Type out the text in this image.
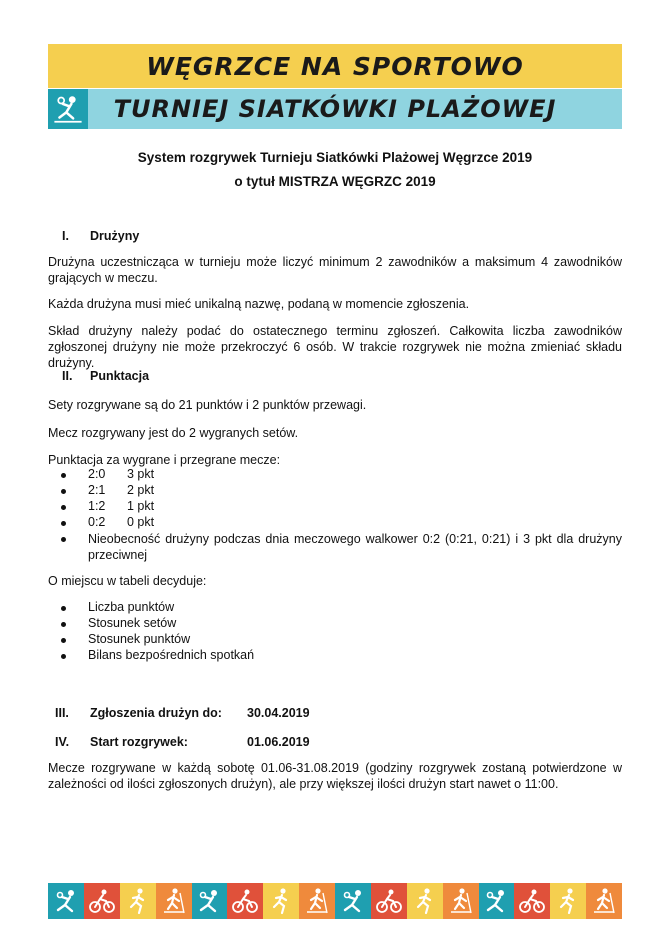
WĘGRZCE NA SPORTOWO
TURNIEJ SIATKÓWKI PLAŻOWEJ
System rozgrywek Turnieju Siatkówki Plażowej Węgrzce 2019
o tytuł MISTRZA WĘGRZC 2019
I. Drużyny
Drużyna uczestnicząca w turnieju może liczyć minimum 2 zawodników a maksimum 4 zawodników grających w meczu.
Każda drużyna musi mieć unikalną nazwę, podaną w momencie zgłoszenia.
Skład drużyny należy podać do ostatecznego terminu zgłoszeń. Całkowita liczba zawodników zgłoszonej drużyny nie może przekroczyć 6 osób. W trakcie rozgrywek nie można zmieniać składu drużyny.
II. Punktacja
Sety rozgrywane są do 21 punktów i 2 punktów przewagi.
Mecz rozgrywany jest do 2 wygranych setów.
Punktacja za wygrane i przegrane mecze:
2:0 3 pkt
2:1 2 pkt
1:2 1 pkt
0:2 0 pkt
Nieobecność drużyny podczas dnia meczowego walkower 0:2 (0:21, 0:21) i 3 pkt dla drużyny przeciwnej
O miejscu w tabeli decyduje:
Liczba punktów
Stosunek setów
Stosunek punktów
Bilans bezpośrednich spotkań
III. Zgłoszenia drużyn do: 30.04.2019
IV. Start rozgrywek:	01.06.2019
Mecze rozgrywane w każdą sobotę 01.06-31.08.2019 (godziny rozgrywek zostaną potwierdzone w zależności od ilości zgłoszonych drużyn), ale przy większej ilości drużyn start nawet o 11:00.
